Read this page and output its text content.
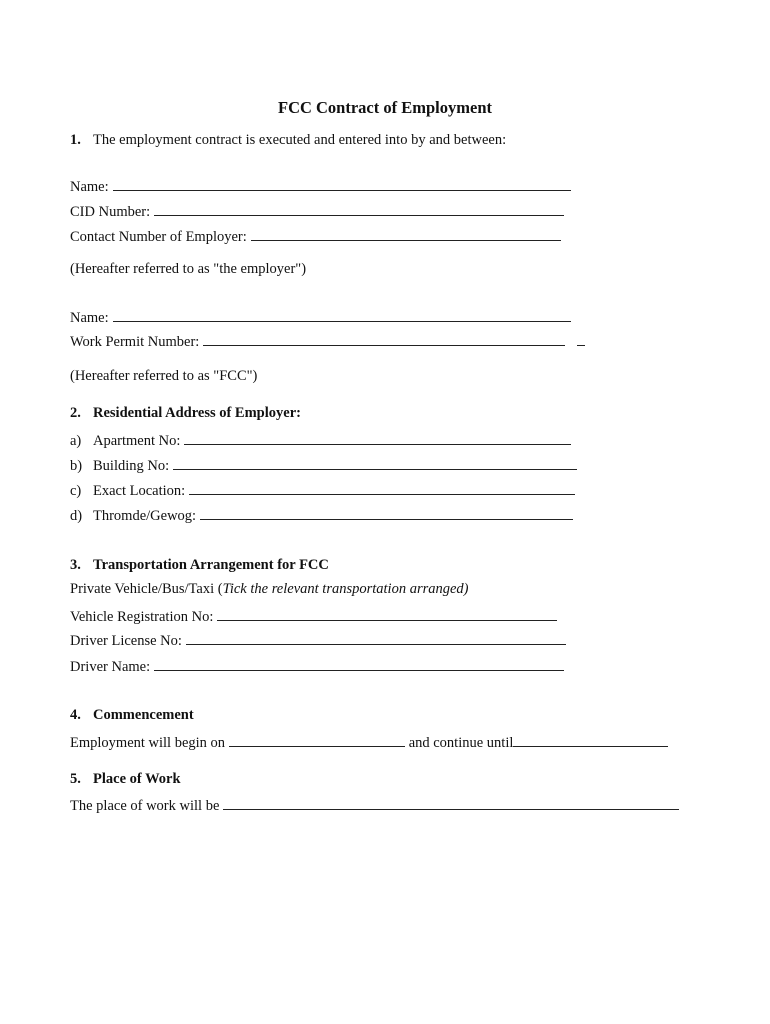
FCC Contract of Employment
1. The employment contract is executed and entered into by and between:
Name:
CID Number:
Contact Number of Employer:
(Hereafter referred to as "the employer")
Name:
Work Permit Number:
(Hereafter referred to as "FCC")
2. Residential Address of Employer:
a) Apartment No:
b) Building No:
c) Exact Location:
d) Thromde/Gewog:
3. Transportation Arrangement for FCC
Private Vehicle/Bus/Taxi (Tick the relevant transportation arranged)
Vehicle Registration No:
Driver License No:
Driver Name:
4. Commencement
Employment will begin on	and continue until
5. Place of Work
The place of work will be
